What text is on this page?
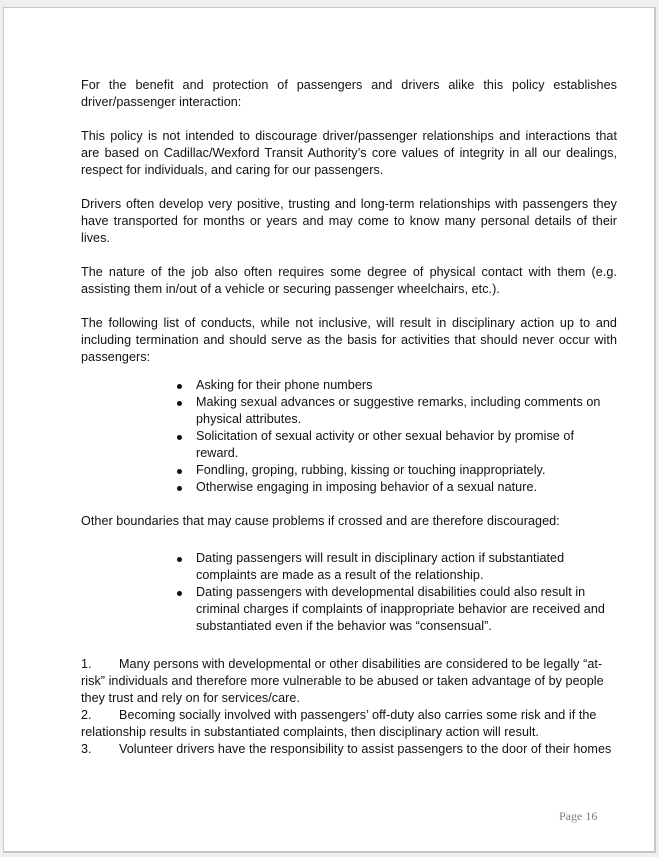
For the benefit and protection of passengers and drivers alike this policy establishes driver/passenger interaction:

This policy is not intended to discourage driver/passenger relationships and interactions that are based on Cadillac/Wexford Transit Authority’s core values of integrity in all our dealings, respect for individuals, and caring for our passengers.

Drivers often develop very positive, trusting and long-term relationships with passengers they have transported for months or years and may come to know many personal details of their lives.

The nature of the job also often requires some degree of physical contact with them (e.g. assisting them in/out of a vehicle or securing passenger wheelchairs, etc.).

The following list of conducts, while not inclusive, will result in disciplinary action up to and including termination and should serve as the basis for activities that should never occur with passengers:

Asking for their phone numbers
Making sexual advances or suggestive remarks, including comments on physical attributes.
Solicitation of sexual activity or other sexual behavior by promise of reward.
Fondling, groping, rubbing, kissing or touching inappropriately.
Otherwise engaging in imposing behavior of a sexual nature.

Other boundaries that may cause problems if crossed and are therefore discouraged:

Dating passengers will result in disciplinary action if substantiated complaints are made as a result of the relationship.
Dating passengers with developmental disabilities could also result in criminal charges if complaints of inappropriate behavior are received and substantiated even if the behavior was “consensual”.

1. Many persons with developmental or other disabilities are considered to be legally “at-risk” individuals and therefore more vulnerable to be abused or taken advantage of by people they trust and rely on for services/care.

2. Becoming socially involved with passengers’ off-duty also carries some risk and if the relationship results in substantiated complaints, then disciplinary action will result.

3. Volunteer drivers have the responsibility to assist passengers to the door of their homes

Page 16
